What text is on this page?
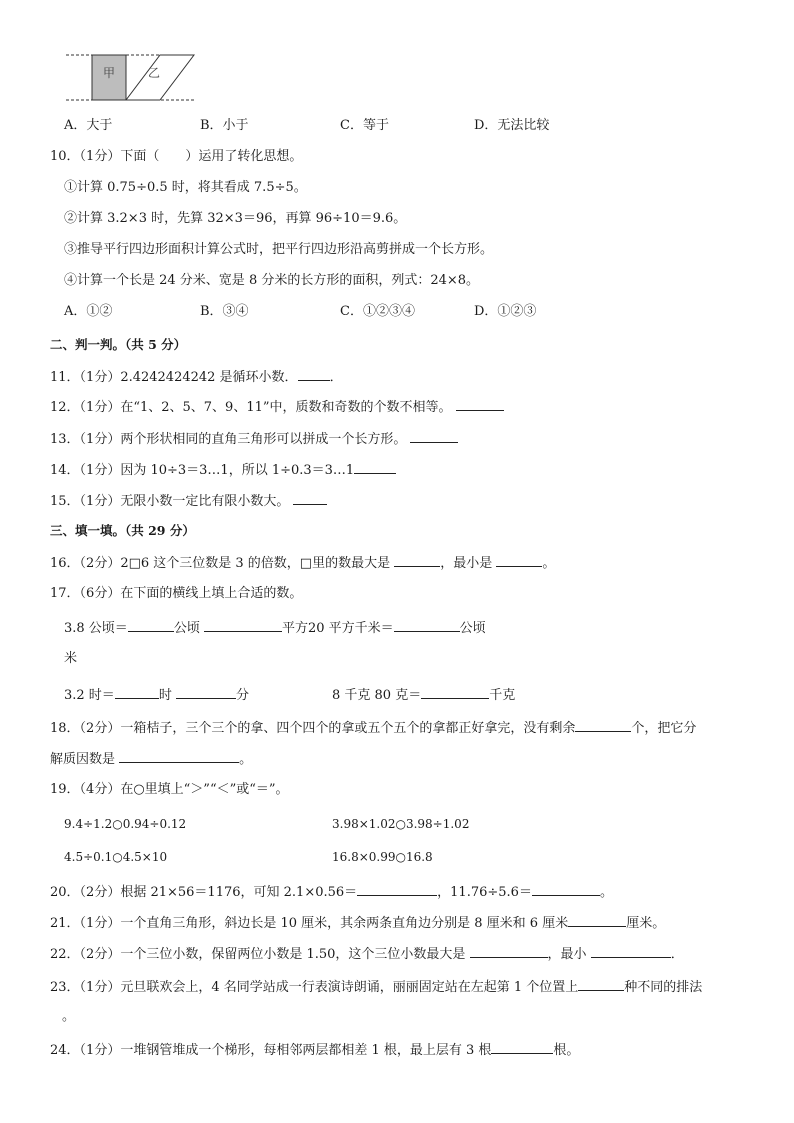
甲	乙
A．大于	B．小于	C．等于	D．无法比较
10．（1分）下面（　　）运用了转化思想。
①计算 0.75÷0.5 时，将其看成 7.5÷5。
②计算 3.2×3 时，先算 32×3＝96，再算 96÷10＝9.6。
③推导平行四边形面积计算公式时，把平行四边形沿高剪拼成一个长方形。
④计算一个长是 24 分米、宽是 8 分米的长方形的面积，列式：24×8。
A．①②	B．③④	C．①②③④	D．①②③
二、判一判。（共 5 分）
11．（1分）2.4242424242 是循环小数． ．
12．（1分）在“1、2、5、7、9、11”中，质数和奇数的个数不相等。
13．（1分）两个形状相同的直角三角形可以拼成一个长方形。
14．（1分）因为 10÷3＝3…1，所以 1÷0.3＝3…1
15．（1分）无限小数一定比有限小数大。
三、填一填。（共 29 分）
16．（2分）2□6 这个三位数是 3 的倍数，□里的数最大是	，最小是	。
17．（6分）在下面的横线上填上合适的数。
3.8 公顷＝	公顷	平方20 平方千米＝	公顷
米
3.2 时＝	时	分	8 千克 80 克＝	千克
18．（2分）一箱桔子，三个三个的拿、四个四个的拿或五个五个的拿都正好拿完，没有剩余	个，把它分
解质因数是	。
19．（4分）在○里填上“＞”“＜”或“＝”。
9.4÷1.2○0.94÷0.12	3.98×1.02○3.98÷1.02
4.5÷0.1○4.5×10	16.8×0.99○16.8
20．（2分）根据 21×56＝1176，可知 2.1×0.56＝	，11.76÷5.6＝	。
21．（1分）一个直角三角形，斜边长是 10 厘米，其余两条直角边分别是 8 厘米和 6 厘米	厘米。
22．（2分）一个三位小数，保留两位小数是 1.50，这个三位小数最大是	，最小	．
23．（1分）元旦联欢会上，4 名同学站成一行表演诗朗诵，丽丽固定站在左起第 1 个位置上	种不同的排法
。
24．（1分）一堆钢管堆成一个梯形，每相邻两层都相差 1 根，最上层有 3 根	根。
